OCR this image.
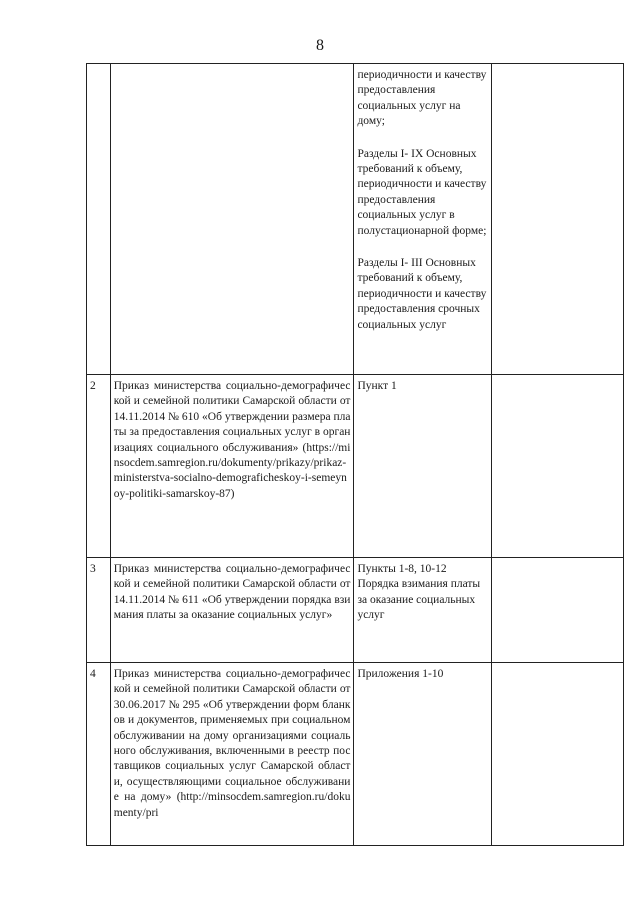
8

		периодичности и качеству предоставления социальных услуг на дому;

Разделы I- IX Основных требований к объему, периодичности и качеству предоставления социальных услуг в полустационарной форме;

Разделы I- III Основных требований к объему, периодичности и качеству предоставления срочных социальных услуг	

2	Приказ министерства социально-демографической и семейной политики Самарской области от 14.11.2014 № 610 «Об утверждении размера платы за предоставления социальных услуг в организациях социального обслуживания» (https://minsocdem.samregion.ru/dokumenty/prikazy/prikaz-ministerstva-socialno-demograficheskoy-i-semeynoy-politiki-samarskoy-87)	Пункт 1	

3	Приказ министерства социально-демографической и семейной политики Самарской области от 14.11.2014 № 611 «Об утверждении порядка взимания платы за оказание социальных услуг»	Пункты 1-8, 10-12 Порядка взимания платы за оказание социальных услуг	

4	Приказ министерства социально-демографической и семейной политики Самарской области от 30.06.2017 № 295 «Об утверждении форм бланков и документов, применяемых при социальном обслуживании на дому организациями социального обслуживания, включенными в реестр поставщиков социальных услуг Самарской области, осуществляющими социальное обслуживание на дому» (http://minsocdem.samregion.ru/dokumenty/pri	Приложения 1-10	
